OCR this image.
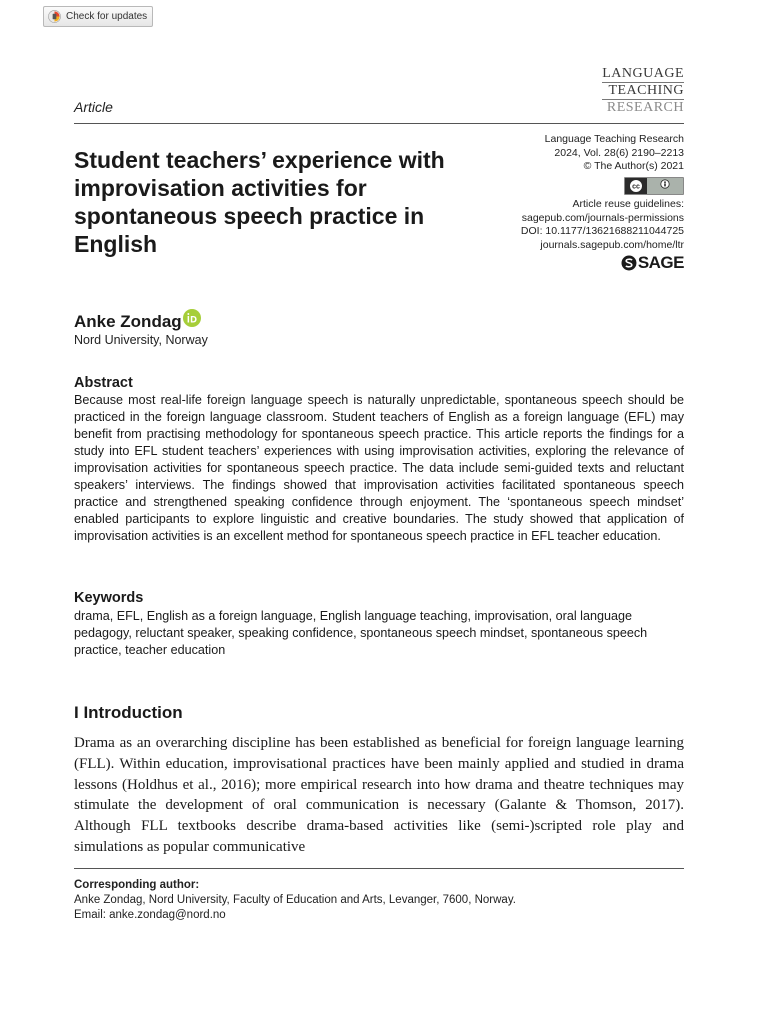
Check for updates
LANGUAGE
TEACHING
RESEARCH
Article
Student teachers’ experience with improvisation activities for spontaneous speech practice in English
Language Teaching Research
2024, Vol. 28(6) 2190–2213
© The Author(s) 2021
cc
Article reuse guidelines:
sagepub.com/journals-permissions
DOI: 10.1177/13621688211044725
journals.sagepub.com/home/ltr
SAGE
Anke Zondag
Nord University, Norway
Abstract

Because most real-life foreign language speech is naturally unpredictable, spontaneous speech should be practiced in the foreign language classroom. Student teachers of English as a foreign language (EFL) may benefit from practising methodology for spontaneous speech practice. This article reports the findings for a study into EFL student teachers’ experiences with using improvisation activities, exploring the relevance of improvisation activities for spontaneous speech practice. The data include semi-guided texts and reluctant speakers’ interviews. The findings showed that improvisation activities facilitated spontaneous speech practice and strengthened speaking confidence through enjoyment. The ‘spontaneous speech mindset’ enabled participants to explore linguistic and creative boundaries. The study showed that application of improvisation activities is an excellent method for spontaneous speech practice in EFL teacher education.

Keywords

drama, EFL, English as a foreign language, English language teaching, improvisation, oral language pedagogy, reluctant speaker, speaking confidence, spontaneous speech mindset, spontaneous speech practice, teacher education

I Introduction

Drama as an overarching discipline has been established as beneficial for foreign language learning (FLL). Within education, improvisational practices have been mainly applied and studied in drama lessons (Holdhus et al., 2016); more empirical research into how drama and theatre techniques may stimulate the development of oral communication is necessary (Galante & Thomson, 2017). Although FLL textbooks describe drama-based activities like (semi-)scripted role play and simulations as popular communicative

Corresponding author:
Anke Zondag, Nord University, Faculty of Education and Arts, Levanger, 7600, Norway.
Email: anke.zondag@nord.no
